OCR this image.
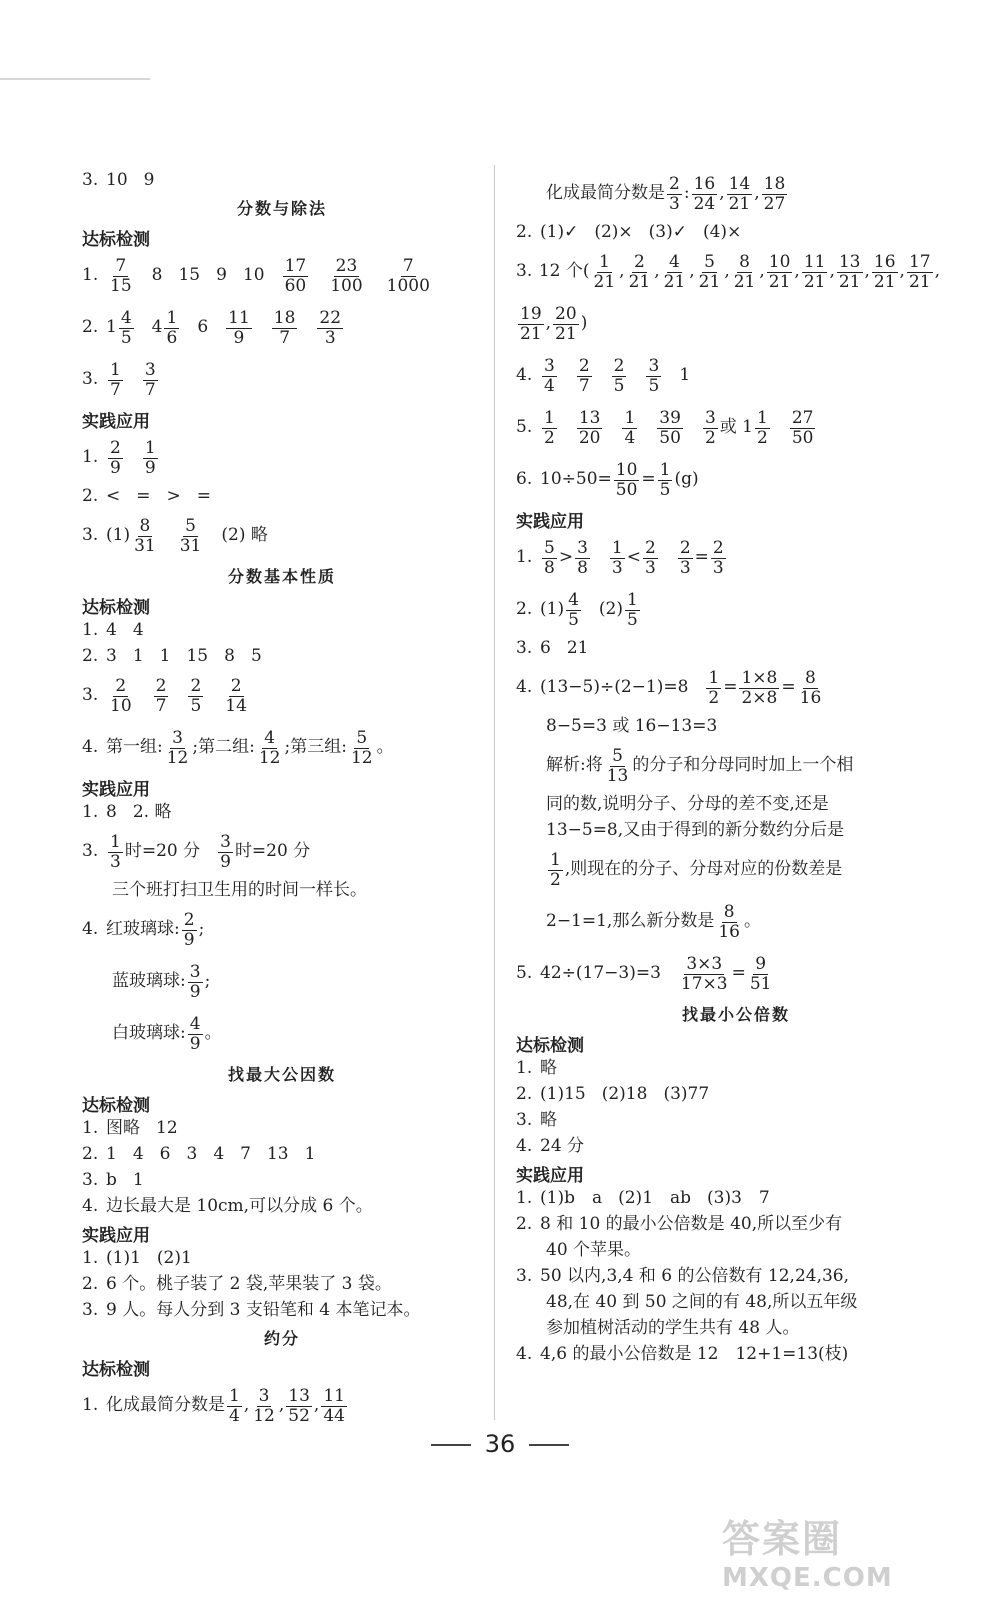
3. 10 9
分数与除法
达标检测
1. $\frac{7}{15} 8$ 15 9 $10 \frac{17}{60} \frac{23}{100} \frac{7}{1000}$
2. $1 \frac{4}{5} 4 \frac{1}{6} 6 \frac{11}{9} \frac{18}{7} \frac{22}{3}$
3. $\frac{1}{7} \frac{3}{7}$
实践应用
1. $\frac{2}{9} \frac{1}{9}$
2. < = > =
3. $(1) \frac{8}{31} \frac{5}{31} (2)$ 略
分数基本性质
达标检测
1. 4 4
2. 3 1 1 15 8 5
3. $\frac{2}{10} \frac{2}{7} \frac{2}{5} \frac{2}{14}$
4. 第一组: $\frac{3}{12}$ ;第二组: $\frac{4}{12}$ ;第三组: $\frac{5}{12}$ 。
实践应用
1. 8 2. 略
3. $\frac{1}{3}$ 时=20 分 $\frac{3}{9}$ 时=20 分
三个班打扫卫生用的时间一样长。
4. 红玻璃球: $\frac{2}{9}$ ;
蓝玻璃球: $\frac{3}{9}$ ;
白玻璃球: $\frac{4}{9}$ 。
找最大公因数
达标检测
1. 图略 12
2. 1 4 6 3 4 7 13 1
3. b 1
4. 边长最大是 10cm,可以分成 6 个。
实践应用
1. (1)1 (2)1
2. 6 个。桃子装了 2 袋,苹果装了 3 袋。
3. 9 人。每人分到 3 支铅笔和 4 本笔记本。
约分
达标检测
1. 化成最简分数是 $\frac{1}{4}$ , $\frac{3}{12}$ , $\frac{13}{52}$ , $\frac{11}{44}$
化成最简分数是 $\frac{2}{3}$ : $\frac{16}{24}$ , $\frac{14}{21}$ , $\frac{18}{27}$
2. (1)✓ (2)× (3)✓ (4)×
3. 12 个( $\frac{1}{21}$ , $\frac{2}{21}$ , $\frac{4}{21}$ , $\frac{5}{21}$ , $\frac{8}{21}$ , $\frac{10}{21}$ , $\frac{11}{21}$ , $\frac{13}{21}$ , $\frac{16}{21}$ , $\frac{17}{21}$ ,
$\frac{19}{21}$ , $\frac{20}{21}$ )
4. $\frac{3}{4} \frac{2}{7} \frac{2}{5} \frac{3}{5} 1$
5. $\frac{1}{2} \frac{13}{20} \frac{1}{4} \frac{39}{50} \frac{3}{2}$ 或 $1 \frac{1}{2} \frac{27}{50}$
6. $10\div 50= \frac{10}{50} = \frac{1}{5} (g)$
实践应用
1. $\frac{5}{8} > \frac{3}{8} \frac{1}{3} < \frac{2}{3} \frac{2}{3} = \frac{2}{3}$
2. $(1) \frac{4}{5} (2) \frac{1}{5}$
3. 6 21
4. $(13-5)\div(2-1)=8 \frac{1}{2} = \frac{1\times 8}{2\times 8} = \frac{8}{16}$
8−5=3 或 16−13=3
解析:将 $\frac{5}{13}$ 的分子和分母同时加上一个相
同的数,说明分子、分母的差不变,还是
13−5=8,又由于得到的新分数约分后是
$\frac{1}{2}$ ,则现在的分子、分母对应的份数差是
2−1=1,那么新分数是 $\frac{8}{16}$ 。
5. $42\div(17-3)=3 \frac{3\times 3}{17\times 3} = \frac{9}{51}$
找最小公倍数
达标检测
1. 略
2. (1)15 (2)18 (3)77
3. 略
4. 24 分
实践应用
1. (1)b　a (2)1　ab (3)3　7
2. 8 和 10 的最小公倍数是 40,所以至少有
40 个苹果。
3. 50 以内,3,4 和 6 的公倍数有 12,24,36,
48,在 40 到 50 之间的有 48,所以五年级
参加植树活动的学生共有 48 人。
4. 4,6 的最小公倍数是 12　12+1=13(枝)
36
答案圈
MXQE.COM
